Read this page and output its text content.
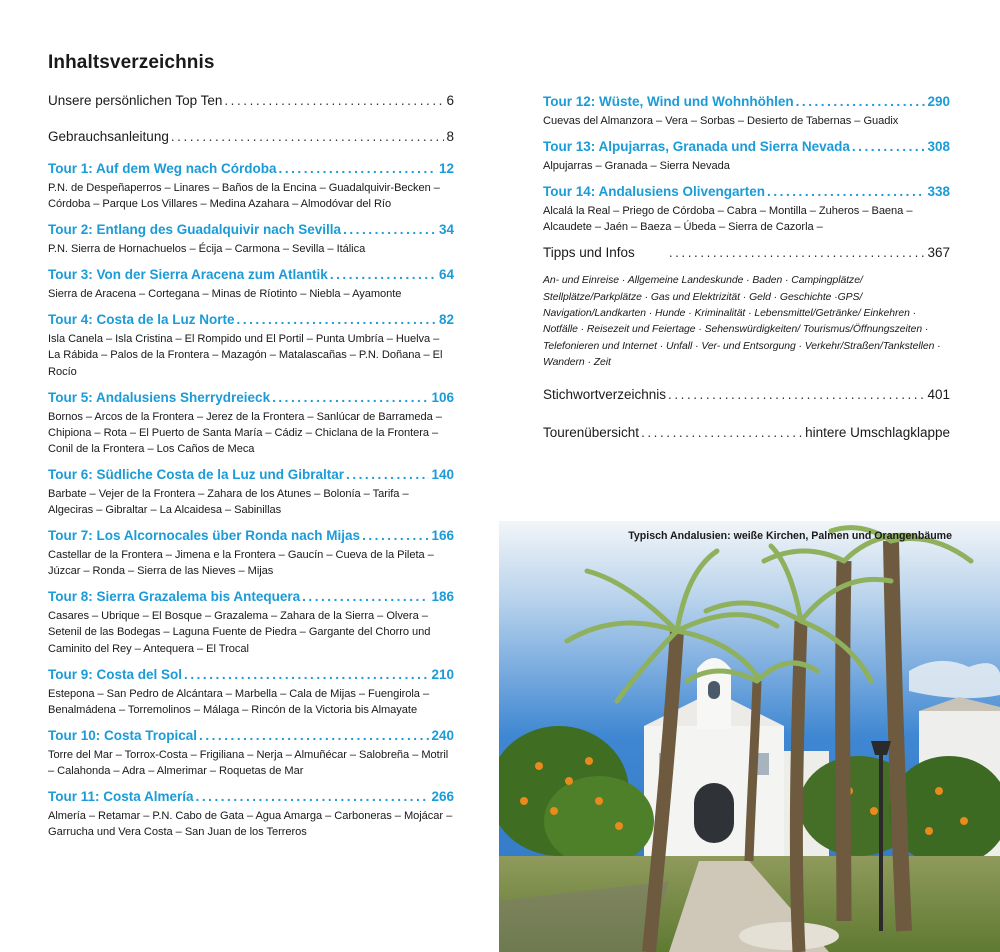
Inhaltsverzeichnis
Unsere persönlichen Top Ten . . .	6
Gebrauchsanleitung . . .	8
Tour 1: Auf dem Weg nach Córdoba . . .	12
P.N. de Despeñaperros – Linares – Baños de la Encina – Guadalquivir-Becken – Córdoba – Parque Los Villares – Medina Azahara – Almodóvar del Río
Tour 2: Entlang des Guadalquivir nach Sevilla . . .	34
P.N. Sierra de Hornachuelos – Écija – Carmona – Sevilla – Itálica
Tour 3: Von der Sierra Aracena zum Atlantik . . .	64
Sierra de Aracena – Cortegana – Minas de Ríotinto – Niebla – Ayamonte
Tour 4: Costa de la Luz Norte . . .	82
Isla Canela – Isla Cristina – El Rompido und El Portil – Punta Umbría – Huelva – La Rábida – Palos de la Frontera – Mazagón – Matalascañas – P.N. Doñana – El Rocío
Tour 5: Andalusiens Sherrydreieck . . .	106
Bornos – Arcos de la Frontera – Jerez de la Frontera – Sanlúcar de Barrameda – Chipiona – Rota – El Puerto de Santa María – Cádiz – Chiclana de la Frontera – Conil de la Frontera – Los Caños de Meca
Tour 6: Südliche Costa de la Luz und Gibraltar . . .	140
Barbate – Vejer de la Frontera – Zahara de los Atunes – Bolonía – Tarifa – Algeciras – Gibraltar – La Alcaidesa – Sabinillas
Tour 7: Los Alcornocales über Ronda nach Mijas . . .	166
Castellar de la Frontera – Jimena e la Frontera – Gaucín – Cueva de la Pileta – Júzcar – Ronda – Sierra de las Nieves – Mijas
Tour 8: Sierra Grazalema bis Antequera . . .	186
Casares – Ubrique – El Bosque – Grazalema – Zahara de la Sierra – Olvera – Setenil de las Bodegas – Laguna Fuente de Piedra – Gargante del Chorro und Caminito del Rey – Antequera – El Trocal
Tour 9: Costa del Sol . . .	210
Estepona – San Pedro de Alcántara – Marbella – Cala de Mijas – Fuengirola – Benalmádena – Torremolinos – Málaga – Rincón de la Victoria bis Almayate
Tour 10: Costa Tropical . . .	240
Torre del Mar – Torrox-Costa – Frigiliana – Nerja – Almuñécar – Salobreña – Motril – Calahonda – Adra – Almerimar – Roquetas de Mar
Tour 11: Costa Almería . . .	266
Almería – Retamar – P.N. Cabo de Gata – Agua Amarga – Carboneras – Mojácar – Garrucha und Vera Costa – San Juan de los Terreros
Tour 12: Wüste, Wind und Wohnhöhlen . . .	290
Cuevas del Almanzora – Vera – Sorbas – Desierto de Tabernas – Guadix
Tour 13: Alpujarras, Granada und Sierra Nevada . . .	308
Alpujarras – Granada – Sierra Nevada
Tour 14: Andalusiens Olivengarten . . .	338
Alcalá la Real – Priego de Córdoba – Cabra – Montilla – Zuheros – Baena – Alcaudete – Jaén – Baeza – Úbeda – Sierra de Cazorla –
Tipps und Infos . . .	367
An- und Einreise · Allgemeine Landeskunde · Baden · Campingplätze/ Stellplätze/Parkplätze · Gas und Elektrizität · Geld · Geschichte ·GPS/ Navigation/Landkarten · Hunde · Kriminalität · Lebensmittel/Getränke/ Einkehren · Notfälle · Reisezeit und Feiertage · Sehenswürdigkeiten/ Tourismus/Öffnungszeiten · Telefonieren und Internet · Unfall · Ver- und Entsorgung · Verkehr/Straßen/Tankstellen · Wandern · Zeit
Stichwortverzeichnis . . .	401
Tourenübersicht . . .	hintere Umschlagklappe
Typisch Andalusien: weiße Kirchen, Palmen und Orangenbäume
